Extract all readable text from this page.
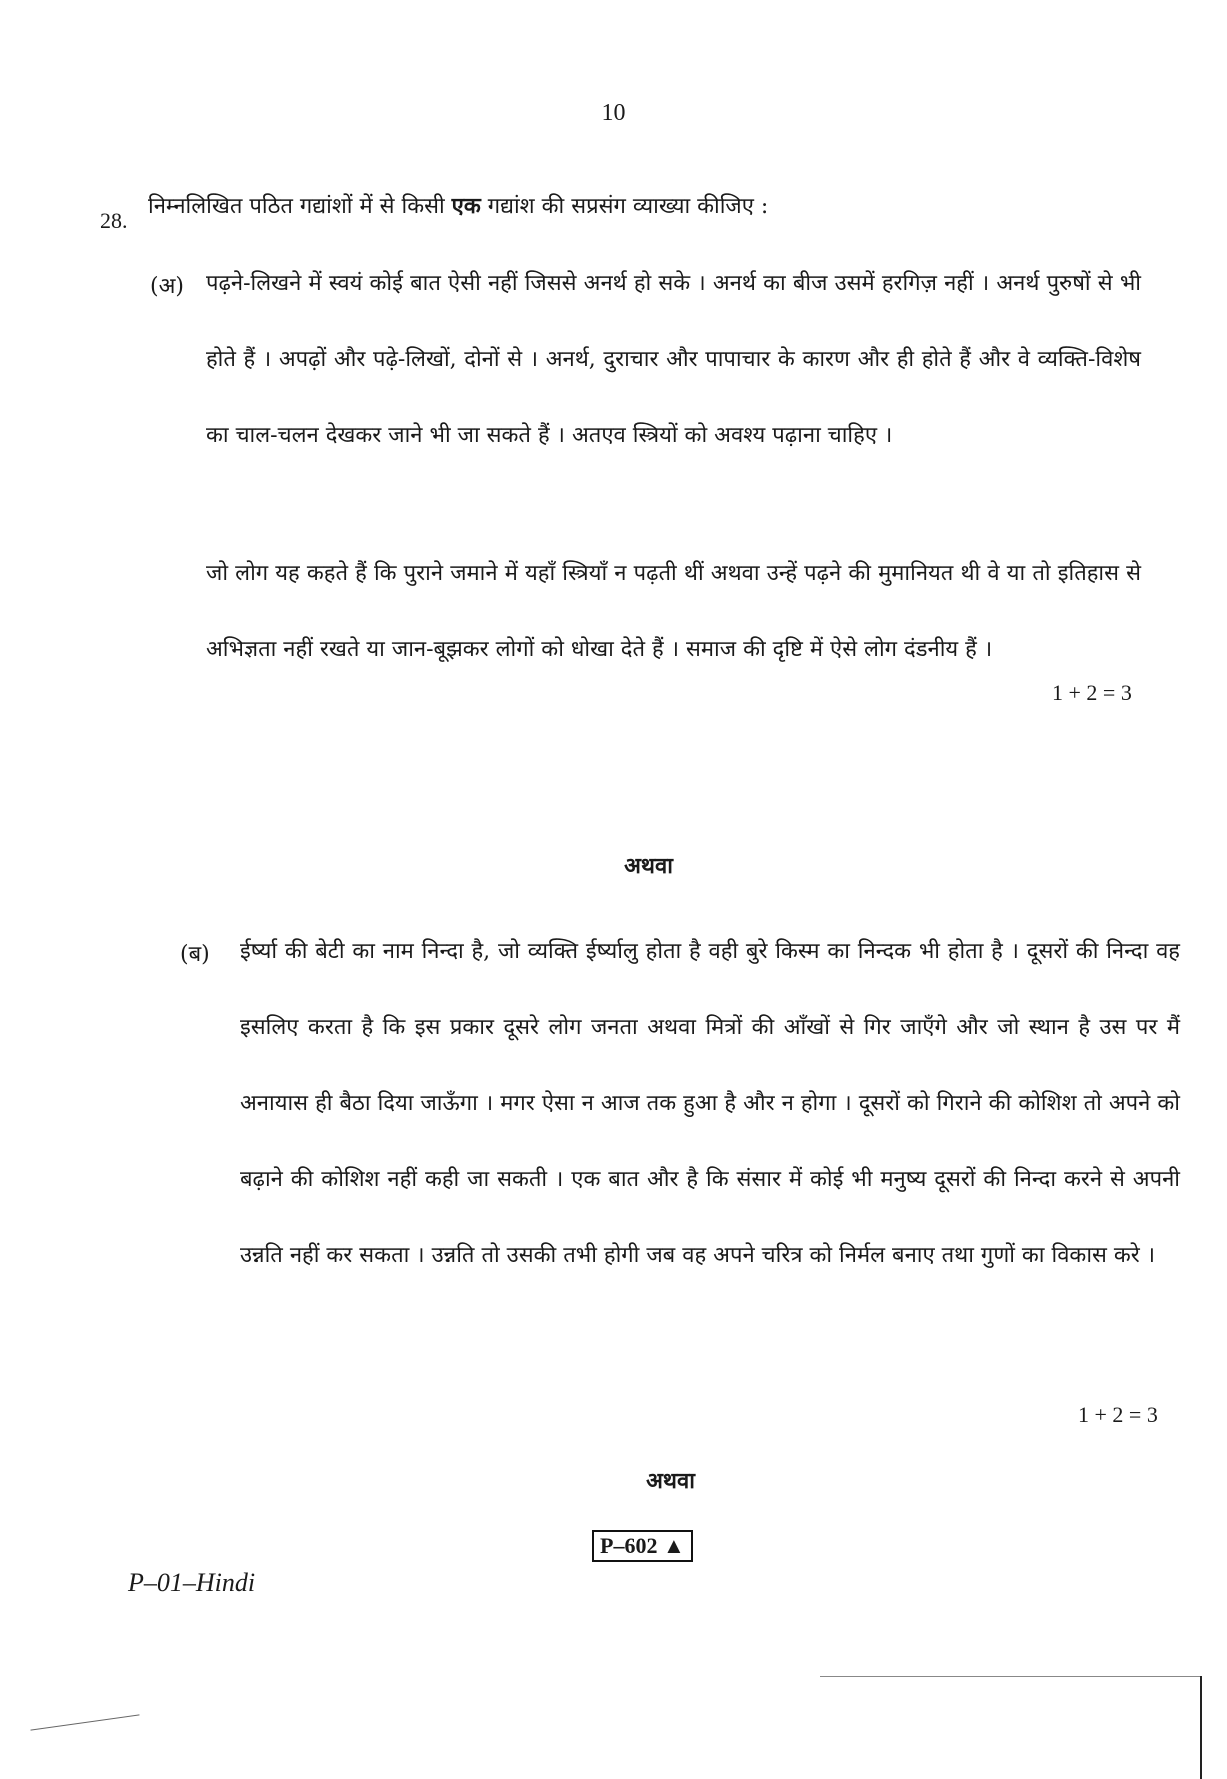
10
28.
निम्नलिखित पठित गद्यांशों में से किसी एक गद्यांश की सप्रसंग व्याख्या कीजिए :
(अ) पढ़ने-लिखने में स्वयं कोई बात ऐसी नहीं जिससे अनर्थ हो सके । अनर्थ का बीज उसमें हरगिज़ नहीं । अनर्थ पुरुषों से भी होते हैं । अपढ़ों और पढ़े-लिखों, दोनों से । अनर्थ, दुराचार और पापाचार के कारण और ही होते हैं और वे व्यक्ति-विशेष का चाल-चलन देखकर जाने भी जा सकते हैं । अतएव स्त्रियों को अवश्य पढ़ाना चाहिए ।

जो लोग यह कहते हैं कि पुराने जमाने में यहाँ स्त्रियाँ न पढ़ती थीं अथवा उन्हें पढ़ने की मुमानियत थी वे या तो इतिहास से अभिज्ञता नहीं रखते या जान-बूझकर लोगों को धोखा देते हैं । समाज की दृष्टि में ऐसे लोग दंडनीय हैं ।

1 + 2 = 3
अथवा
(ब) ईर्ष्या की बेटी का नाम निन्दा है, जो व्यक्ति ईर्ष्यालु होता है वही बुरे किस्म का निन्दक भी होता है । दूसरों की निन्दा वह इसलिए करता है कि इस प्रकार दूसरे लोग जनता अथवा मित्रों की आँखों से गिर जाएँगे और जो स्थान है उस पर मैं अनायास ही बैठा दिया जाऊँगा । मगर ऐसा न आज तक हुआ है और न होगा । दूसरों को गिराने की कोशिश तो अपने को बढ़ाने की कोशिश नहीं कही जा सकती । एक बात और है कि संसार में कोई भी मनुष्य दूसरों की निन्दा करने से अपनी उन्नति नहीं कर सकता । उन्नति तो उसकी तभी होगी जब वह अपने चरित्र को निर्मल बनाए तथा गुणों का विकास करे ।

1 + 2 = 3
अथवा
P–602 ▲
P–01–Hindi
